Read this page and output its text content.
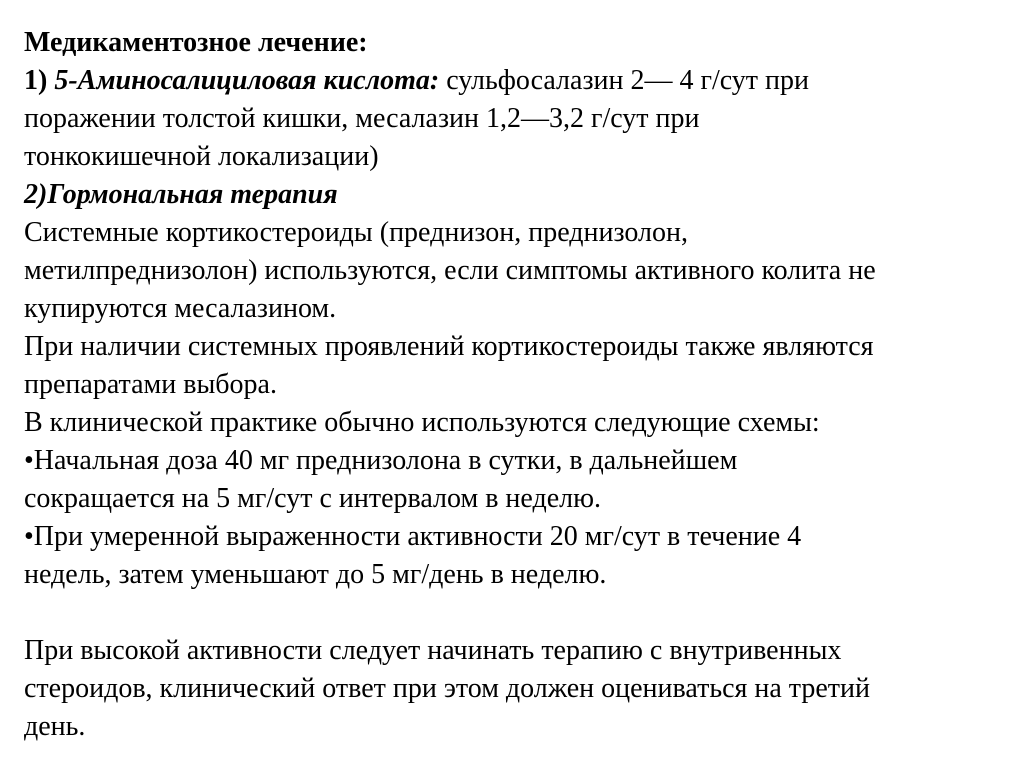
Медикаментозное лечение:
1) 5-Аминосалициловая кислота: сульфосалазин 2— 4 г/сут при
поражении толстой кишки, месалазин 1,2—3,2 г/сут при
тонкокишечной локализации)
2)Гормональная терапия
Системные кортикостероиды (преднизон, преднизолон,
метилпреднизолон) используются, если симптомы активного колита не
купируются месалазином.
При наличии системных проявлений кортикостероиды также являются
препаратами выбора.
В клинической практике обычно используются следующие схемы:
•Начальная доза 40 мг преднизолона в сутки, в дальнейшем
сокращается на 5 мг/сут с интервалом в неделю.
•При умеренной выраженности активности 20 мг/сут в течение 4
недель, затем уменьшают до 5 мг/день в неделю.
При высокой активности следует начинать терапию с внутривенных
стероидов, клинический ответ при этом должен оцениваться на третий
день.
